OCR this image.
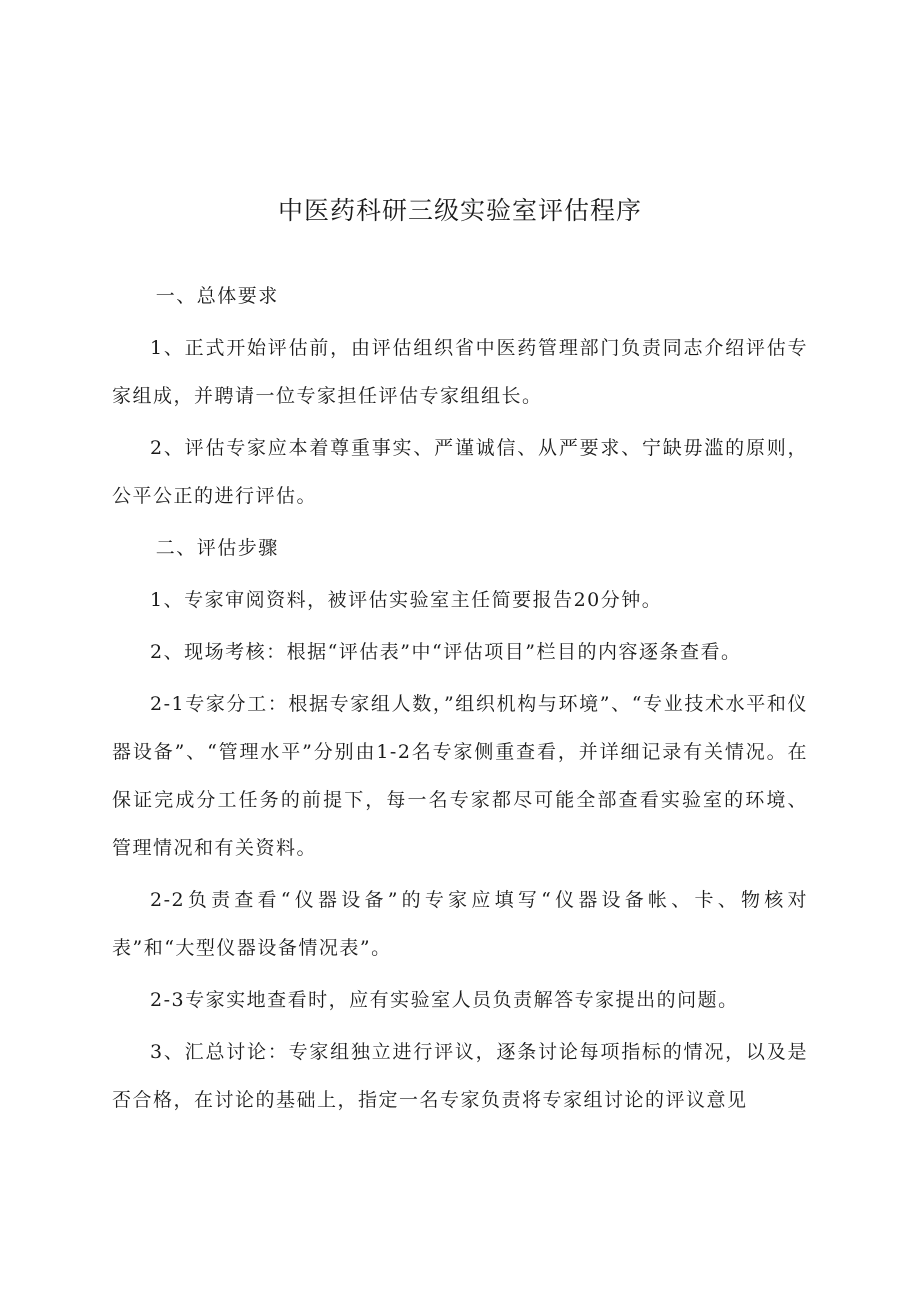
中医药科研三级实验室评估程序

一、总体要求

1、正式开始评估前，由评估组织省中医药管理部门负责同志介绍评估专家组成，并聘请一位专家担任评估专家组组长。

2、评估专家应本着尊重事实、严谨诚信、从严要求、宁缺毋滥的原则，公平公正的进行评估。

二、评估步骤

1、专家审阅资料，被评估实验室主任简要报告20分钟。

2、现场考核：根据“评估表”中“评估项目”栏目的内容逐条查看。

2-1专家分工：根据专家组人数，”组织机构与环境”、“专业技术水平和仪器设备”、“管理水平”分别由1-2名专家侧重查看，并详细记录有关情况。在保证完成分工任务的前提下，每一名专家都尽可能全部查看实验室的环境、管理情况和有关资料。

2-2负责查看“仪器设备”的专家应填写“仪器设备帐、卡、物核对表”和“大型仪器设备情况表”。

2-3专家实地查看时，应有实验室人员负责解答专家提出的问题。

3、汇总讨论：专家组独立进行评议，逐条讨论每项指标的情况，以及是否合格，在讨论的基础上，指定一名专家负责将专家组讨论的评议意见
